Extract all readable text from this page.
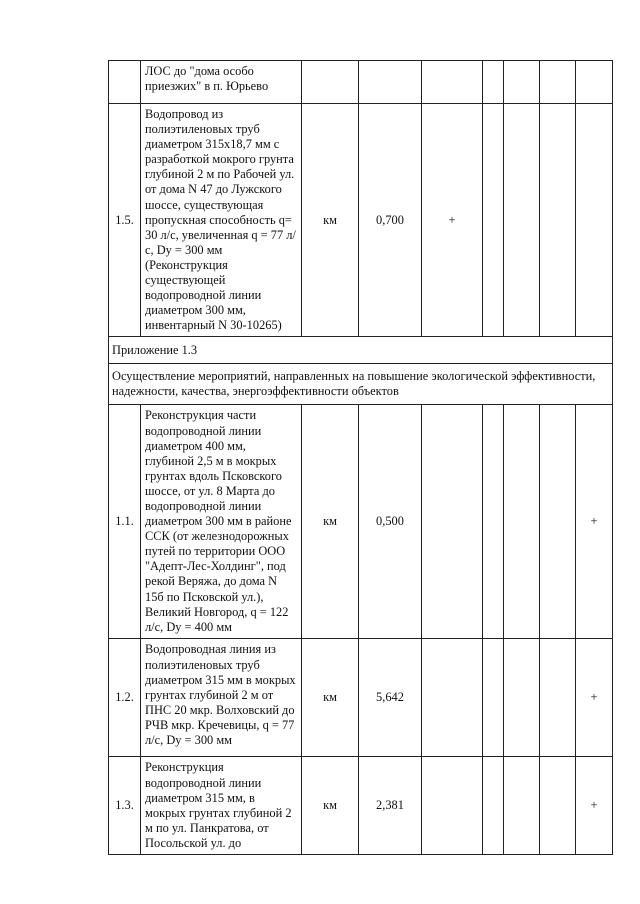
	ЛОС до "дома особо приезжих" в п. Юрьево							
1.5.	Водопровод из полиэтиленовых труб диаметром 315x18,7 мм с разработкой мокрого грунта глубиной 2 м по Рабочей ул. от дома N 47 до Лужского шоссе, существующая пропускная способность q= 30 л/с, увеличенная q = 77 л/с, Dy = 300 мм (Реконструкция существующей водопроводной линии диаметром 300 мм, инвентарный N 30-10265)	км	0,700	+				
Приложение 1.3								
Осуществление мероприятий, направленных на повышение экологической эффективности, надежности, качества, энергоэффективности объектов								
1.1.	Реконструкция части водопроводной линии диаметром 400 мм, глубиной 2,5 м в мокрых грунтах вдоль Псковского шоссе, от ул. 8 Марта до водопроводной линии диаметром 300 мм в районе ССК (от железнодорожных путей по территории ООО "Адепт-Лес-Холдинг", под рекой Веряжа, до дома N 15б по Псковской ул.), Великий Новгород, q = 122 л/с, Dy = 400 мм	км	0,500					+
1.2.	Водопроводная линия из полиэтиленовых труб диаметром 315 мм в мокрых грунтах глубиной 2 м от ПНС 20 мкр. Волховский до РЧВ мкр. Кречевицы, q = 77 л/с, Dy = 300 мм	км	5,642					+
1.3.	Реконструкция водопроводной линии диаметром 315 мм, в мокрых грунтах глубиной 2 м по ул. Панкратова, от Посольской ул. до	км	2,381					+
